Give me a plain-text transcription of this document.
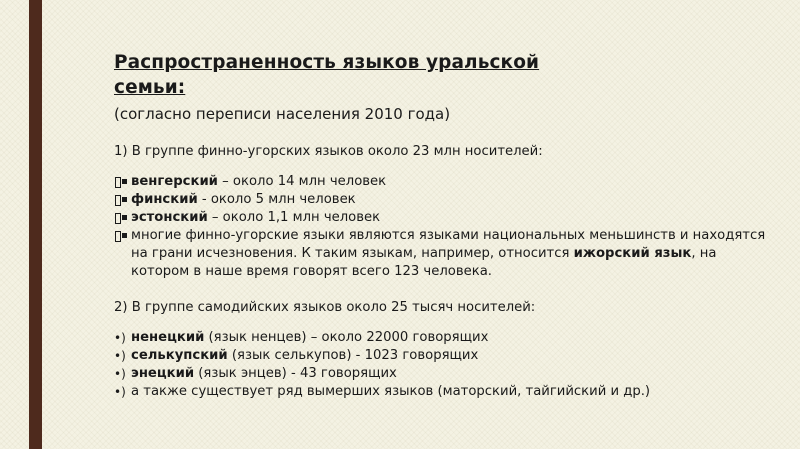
Распространенность языков уральской
семьи:

(согласно переписи населения 2010 года)

1) В группе финно-угорских языков около 23 млн носителей:

венгерский – около 14 млн человек
финский - около 5 млн человек
эстонский – около 1,1 млн человек
многие финно-угорские языки являются языками национальных меньшинств и находятся на грани исчезновения. К таким языкам, например, относится ижорский язык, на котором в наше время говорят всего 123 человека.

2) В группе самодийских языков около 25 тысяч носителей:

•) ненецкий (язык ненцев) – около 22000 говорящих
•) селькупский (язык селькупов) - 1023 говорящих
•) энецкий (язык энцев) - 43 говорящих
•) а также существует ряд вымерших языков (маторский, тайгийский и др.)
